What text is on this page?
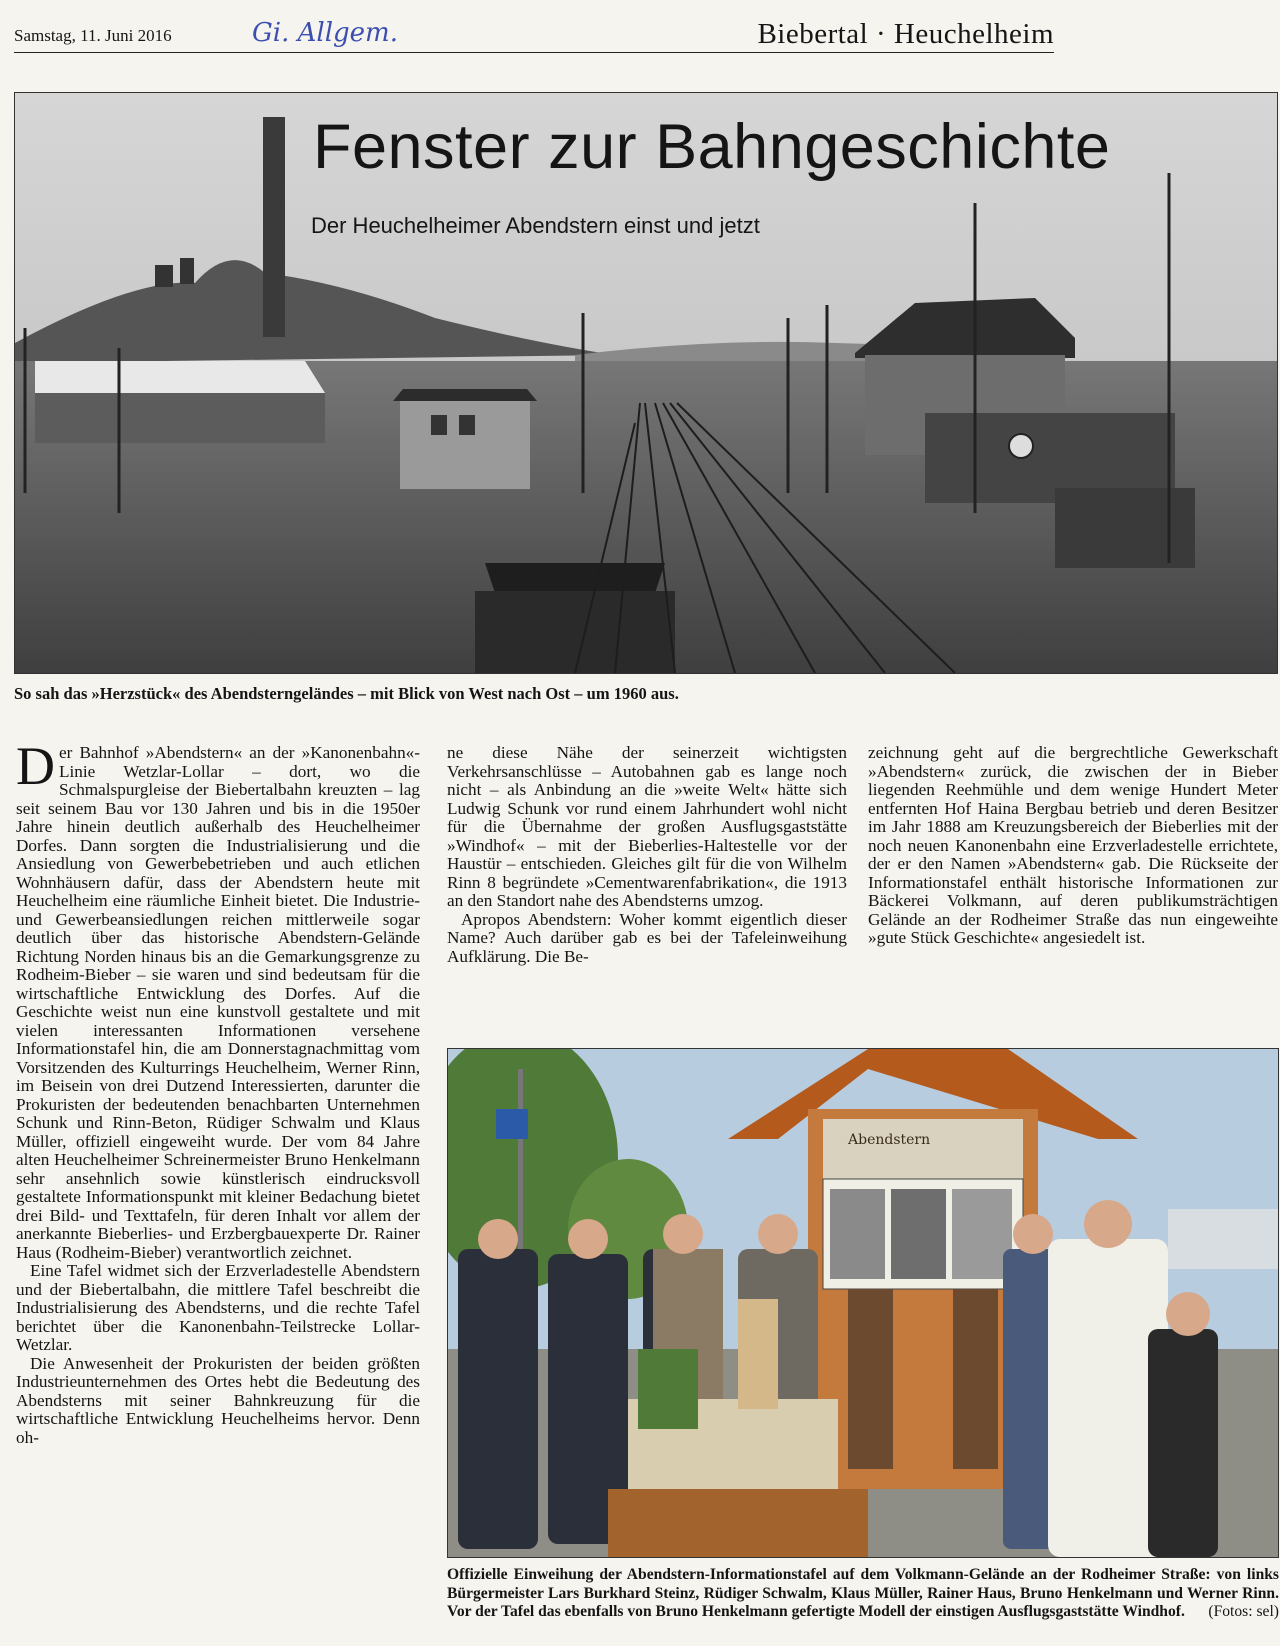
Samstag, 11. Juni 2016	Gi. Allgem.	Biebertal · Heuchelheim
Fenster zur Bahngeschichte
Der Heuchelheimer Abendstern einst und jetzt
So sah das »Herzstück« des Abendsterngeländes – mit Blick von West nach Ost – um 1960 aus.

Der Bahnhof »Abendstern« an der »Kanonenbahn«-Linie Wetzlar-Lollar – dort, wo die Schmalspurgleise der Biebertalbahn kreuzten – lag seit seinem Bau vor 130 Jahren und bis in die 1950er Jahre hinein deutlich außerhalb des Heuchelheimer Dorfes. Dann sorgten die Industrialisierung und die Ansiedlung von Gewerbebetrieben und auch etlichen Wohnhäusern dafür, dass der Abendstern heute mit Heuchelheim eine räumliche Einheit bietet. Die Industrie- und Gewerbeansiedlungen reichen mittlerweile sogar deutlich über das historische Abendstern-Gelände Richtung Norden hinaus bis an die Gemarkungsgrenze zu Rodheim-Bieber – sie waren und sind bedeutsam für die wirtschaftliche Entwicklung des Dorfes. Auf die Geschichte weist nun eine kunstvoll gestaltete und mit vielen interessanten Informationen versehene Informationstafel hin, die am Donnerstagnachmittag vom Vorsitzenden des Kulturrings Heuchelheim, Werner Rinn, im Beisein von drei Dutzend Interessierten, darunter die Prokuristen der bedeutenden benachbarten Unternehmen Schunk und Rinn-Beton, Rüdiger Schwalm und Klaus Müller, offiziell eingeweiht wurde. Der vom 84 Jahre alten Heuchelheimer Schreinermeister Bruno Henkelmann sehr ansehnlich sowie künstlerisch eindrucksvoll gestaltete Informationspunkt mit kleiner Bedachung bietet drei Bild- und Texttafeln, für deren Inhalt vor allem der anerkannte Bieberlies- und Erzbergbauexperte Dr. Rainer Haus (Rodheim-Bieber) verantwortlich zeichnet.

Eine Tafel widmet sich der Erzverladestelle Abendstern und der Biebertalbahn, die mittlere Tafel beschreibt die Industrialisierung des Abendsterns, und die rechte Tafel berichtet über die Kanonenbahn-Teilstrecke Lollar-Wetzlar.

Die Anwesenheit der Prokuristen der beiden größten Industrieunternehmen des Ortes hebt die Bedeutung des Abendsterns mit seiner Bahnkreuzung für die wirtschaftliche Entwicklung Heuchelheims hervor. Denn oh-

ne diese Nähe der seinerzeit wichtigsten Verkehrsanschlüsse – Autobahnen gab es lange noch nicht – als Anbindung an die »weite Welt« hätte sich Ludwig Schunk vor rund einem Jahrhundert wohl nicht für die Übernahme der großen Ausflugsgaststätte »Windhof« – mit der Bieberlies-Haltestelle vor der Haustür – entschieden. Gleiches gilt für die von Wilhelm Rinn 8 begründete »Cementwarenfabrikation«, die 1913 an den Standort nahe des Abendsterns umzog.

Apropos Abendstern: Woher kommt eigentlich dieser Name? Auch darüber gab es bei der Tafeleinweihung Aufklärung. Die Be-

zeichnung geht auf die bergrechtliche Gewerkschaft »Abendstern« zurück, die zwischen der in Bieber liegenden Reehmühle und dem wenige Hundert Meter entfernten Hof Haina Bergbau betrieb und deren Besitzer im Jahr 1888 am Kreuzungsbereich der Bieberlies mit der noch neuen Kanonenbahn eine Erzverladestelle errichtete, der er den Namen »Abendstern« gab. Die Rückseite der Informationstafel enthält historische Informationen zur Bäckerei Volkmann, auf deren publikumsträchtigen Gelände an der Rodheimer Straße das nun eingeweihte »gute Stück Geschichte« angesiedelt ist.

Abendstern
Offizielle Einweihung der Abendstern-Informationstafel auf dem Volkmann-Gelände an der Rodheimer Straße: von links Bürgermeister Lars Burkhard Steinz, Rüdiger Schwalm, Klaus Müller, Rainer Haus, Bruno Henkelmann und Werner Rinn. Vor der Tafel das ebenfalls von Bruno Henkelmann gefertigte Modell der einstigen Ausflugsgaststätte Windhof. (Fotos: sel)
